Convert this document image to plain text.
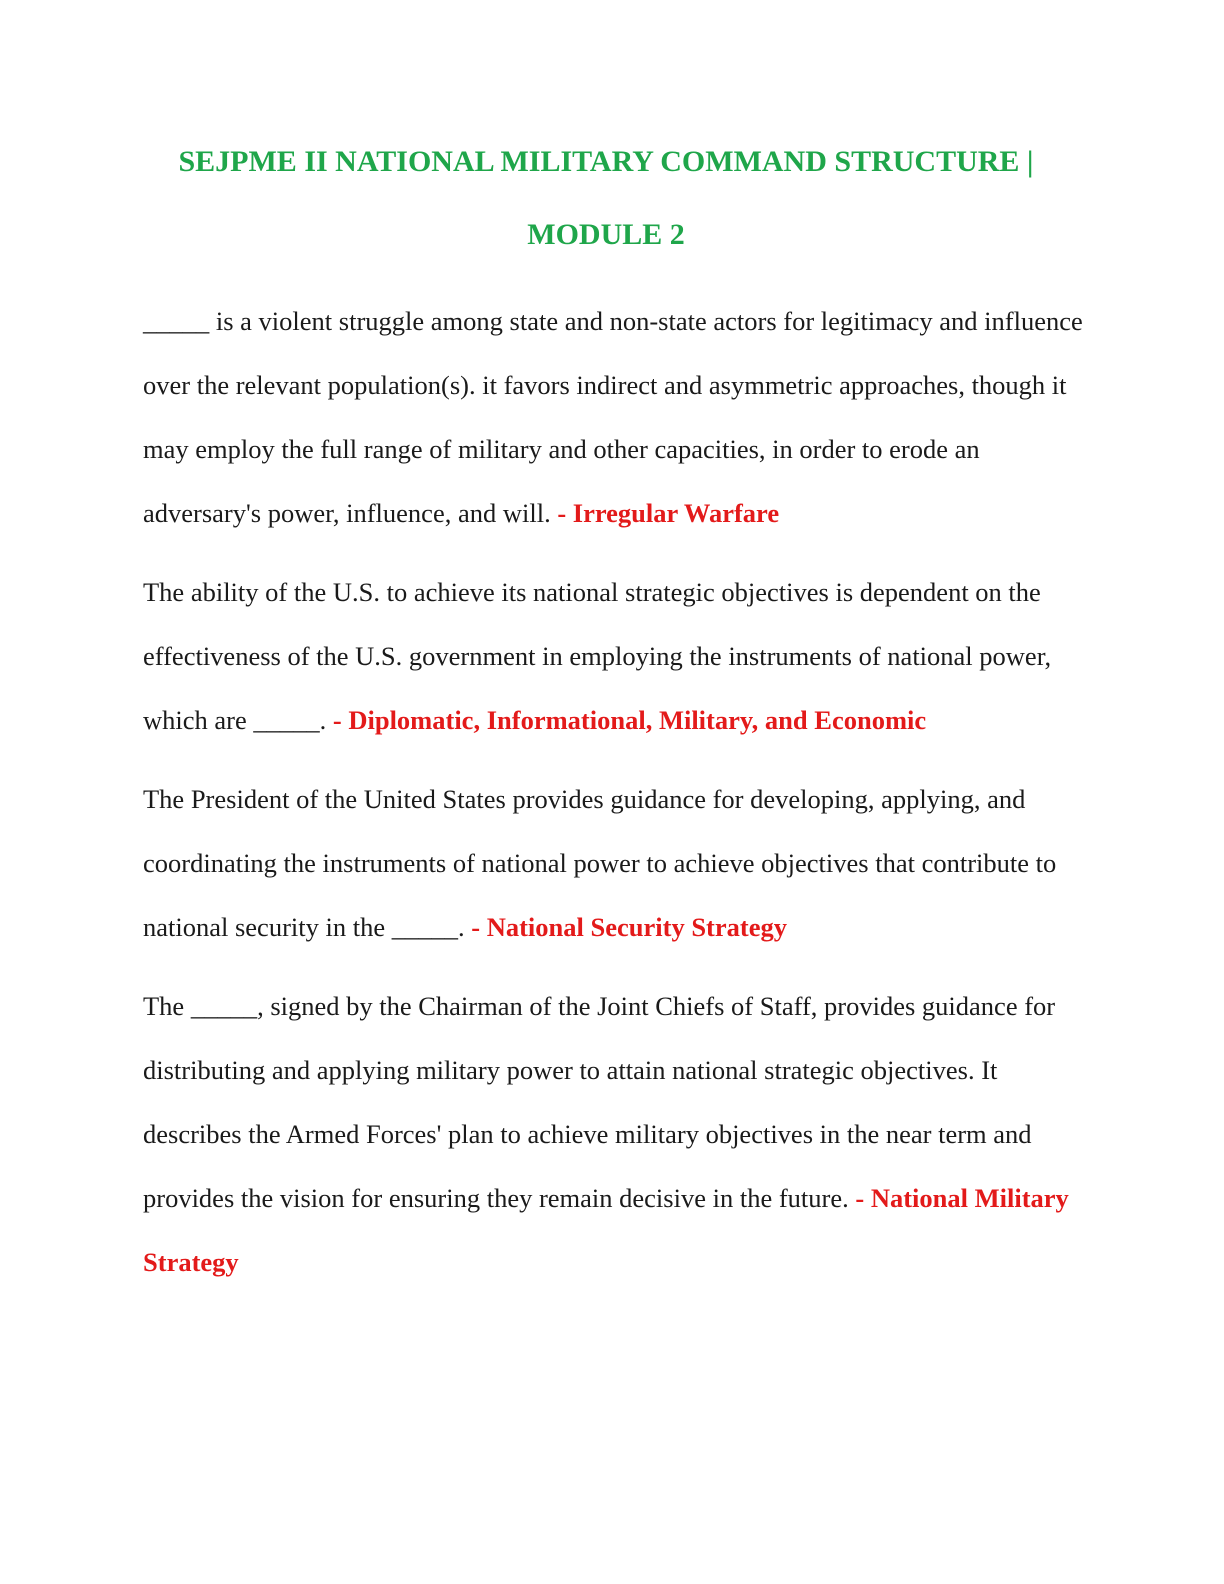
SEJPME II NATIONAL MILITARY COMMAND STRUCTURE |
MODULE 2

_____ is a violent struggle among state and non-state actors for legitimacy and influence over the relevant population(s). it favors indirect and asymmetric approaches, though it may employ the full range of military and other capacities, in order to erode an adversary's power, influence, and will. - Irregular Warfare

The ability of the U.S. to achieve its national strategic objectives is dependent on the effectiveness of the U.S. government in employing the instruments of national power, which are _____. - Diplomatic, Informational, Military, and Economic

The President of the United States provides guidance for developing, applying, and coordinating the instruments of national power to achieve objectives that contribute to national security in the _____. - National Security Strategy

The _____, signed by the Chairman of the Joint Chiefs of Staff, provides guidance for distributing and applying military power to attain national strategic objectives. It describes the Armed Forces' plan to achieve military objectives in the near term and provides the vision for ensuring they remain decisive in the future. - National Military Strategy
